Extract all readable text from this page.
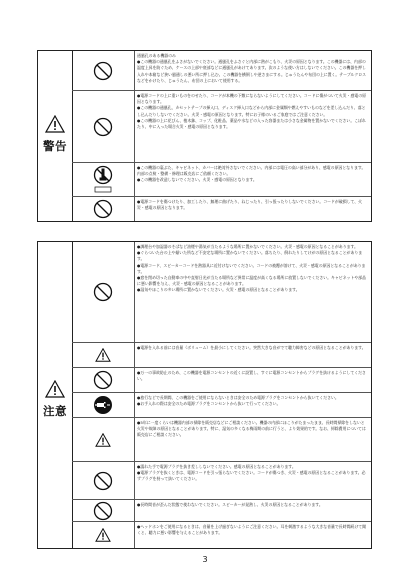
警告

通風孔のある機器のみ

●この機器の通風孔をふさがないでください。通風孔をふさぐと内部に熱がこもり、火災の原因となります。この機器には、内部の温度上昇を防ぐため、ケースの上部や底部などに通風孔があけてあります。次のような使い方はしないでください。この機器を押し入れや本箱など狭い風通しの悪い所に押し込む。この機器を横倒しや逆さまにする。じゅうたんや布団の上に置く。テーブルクロスなどをかけたり、じゅうたん、布団の上において使用する。

●電源コードの上に重いものをのせたり、コードが本機の下敷にならないようにしてください。コードに傷がついて火災・感電の原因となります。

●この機器の通風孔、カセットテープの挿入口、ディスク挿入口などから内部に金属類や燃えやすいものなどを差し込んだり、落とし込んだりしないでください。火災・感電の原因となります。特にお子様のいるご家庭ではご注意ください。

●この機器の上に花びん、植木鉢、コップ、化粧品、薬品や水などの入った容器または小さな金属物を置かないでください。こぼれたり、中に入った場合火災・感電の原因となります。

●この機器の裏ぶた、キャビネット、カバーは絶対外さないでください。内部には電圧の高い部分があり、感電の原因となります。内部の点検・整備・修理は販売店にご依頼ください。

●この機器を改造しないでください。火災・感電の原因となります。

●電源コードを傷つけたり、加工したり、無理に曲げたり、ねじったり、引っ張ったりしないでください。コードが破損して、火災・感電の原因となります。

注意

●調理台や加湿器のそばなど油煙や湯気が当たるような場所に置かないでください。火災・感電の原因となることがあります。

●ぐらついた台の上や傾いた所など不安定な場所に置かないでください。落ちたり、倒れたりしてけがの原因となることがあります。

●電源コード、スピーカーコードを熱器具に近付けないでください。コードの被覆が溶けて、火災・感電の原因となることがあります。

●窓を閉め切った自動車の中や直射日光が当たる場所など異常に温度が高くなる場所に放置しないでください。キャビネットや部品に悪い影響を与え、火災・感電の原因となることがあります。

●湿気やほこりの多い場所に置かないでください。火災・感電の原因となることがあります。

●電源を入れる前には音量（ボリューム）を最小にしてください。突然大きな音がでて聴力障害などの原因となることがあります。

●万一の事故防止のため、この機器を電源コンセントの近くに設置し、すぐに電源コンセントからプラグを抜けるようにしてください。

●旅行などで長期間、この機器をご使用にならないときは安全のため電源プラグをコンセントから抜いてください。

●お手入れの際は安全のため電源プラグをコンセントから抜いて行ってください。

●5年に一度くらいは機器内部の掃除を販売店などにご相談ください。機器の内部にほこりがたまったまま、長時間掃除をしないと火災や故障の原因となることがあります。特に、湿気の多くなる梅雨期の前に行うと、より効果的です。なお、掃除費用については販売店にご相談ください。

●濡れた手で電源プラグを抜き差ししないでください。感電の原因となることがあります。

●電源プラグを抜くときは、電源コードを引っ張らないでください。コードが傷つき、火災・感電の原因となることがあります。必ずプラグを持って抜いてください。

●長時間音が歪んだ状態で使わないでください。スピーカーが発熱し、火災の原因となることがあります。

●ヘッドホンをご使用になるときは、音量を上げ過ぎないようにご注意ください。耳を刺激するような大きな音量で長時間続けて聞くと、聴力に悪い影響を与えることがあります。

3
